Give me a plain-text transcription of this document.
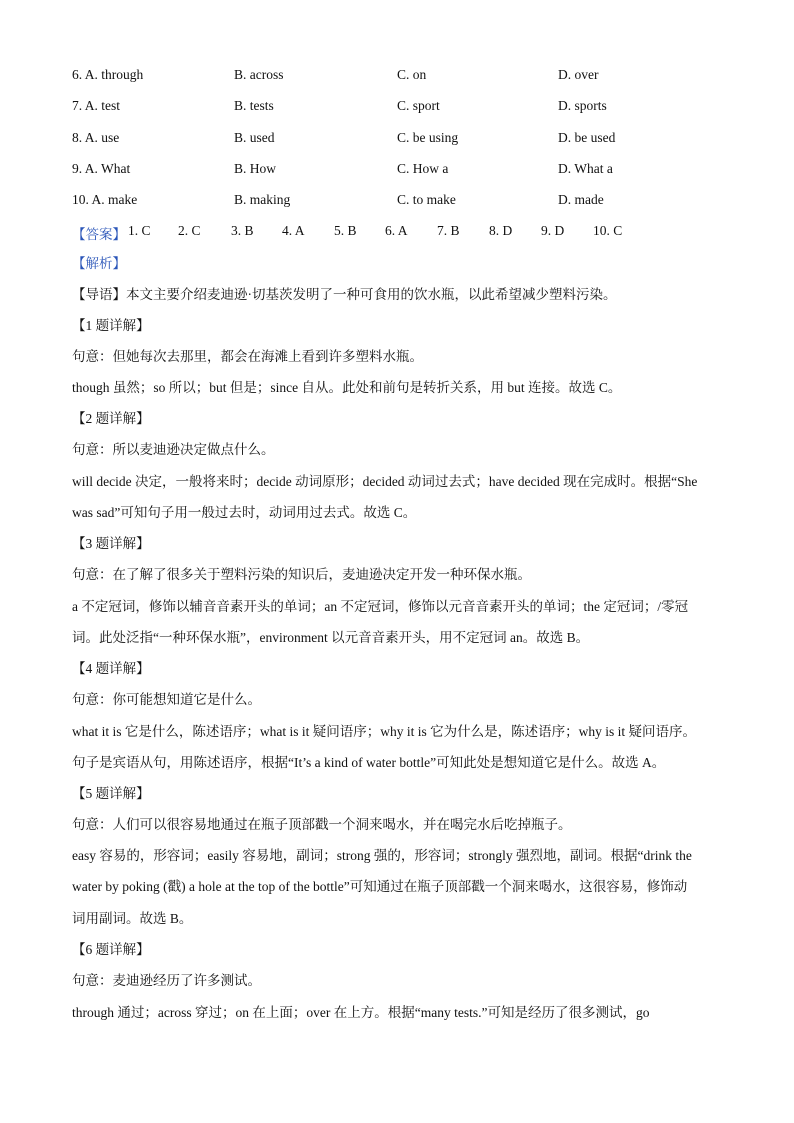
6. A. through	B. across	C. on	D. over
7. A. test	B. tests	C. sport	D. sports
8. A. use	B. used	C. be using	D. be used
9. A. What	B. How	C. How a	D. What a
10. A. make	B. making	C. to make	D. made
【答案】 1. C 2. C 3. B 4. A 5. B 6. A 7. B 8. D 9. D 10. C
【解析】
【导语】本文主要介绍麦迪逊·切基茨发明了一种可食用的饮水瓶，以此希望减少塑料污染。
【1 题详解】
句意：但她每次去那里，都会在海滩上看到许多塑料水瓶。
though 虽然；so 所以；but 但是；since 自从。此处和前句是转折关系，用 but 连接。故选 C。
【2 题详解】
句意：所以麦迪逊决定做点什么。
will decide 决定，一般将来时；decide 动词原形；decided 动词过去式；have decided 现在完成时。根据“She
was sad”可知句子用一般过去时，动词用过去式。故选 C。
【3 题详解】
句意：在了解了很多关于塑料污染的知识后，麦迪逊决定开发一种环保水瓶。
a 不定冠词，修饰以辅音音素开头的单词；an 不定冠词，修饰以元音音素开头的单词；the 定冠词；/零冠
词。此处泛指“一种环保水瓶”，environment 以元音音素开头，用不定冠词 an。故选 B。
【4 题详解】
句意：你可能想知道它是什么。
what it is 它是什么，陈述语序；what is it 疑问语序；why it is 它为什么是，陈述语序；why is it 疑问语序。
句子是宾语从句，用陈述语序，根据“It’s a kind of water bottle”可知此处是想知道它是什么。故选 A。
【5 题详解】
句意：人们可以很容易地通过在瓶子顶部戳一个洞来喝水，并在喝完水后吃掉瓶子。
easy 容易的，形容词；easily 容易地，副词；strong 强的，形容词；strongly 强烈地，副词。根据“drink the
water by poking (戳) a hole at the top of the bottle”可知通过在瓶子顶部戳一个洞来喝水，这很容易，修饰动
词用副词。故选 B。
【6 题详解】
句意：麦迪逊经历了许多测试。
through 通过；across 穿过；on 在上面；over 在上方。根据“many tests.”可知是经历了很多测试，go
